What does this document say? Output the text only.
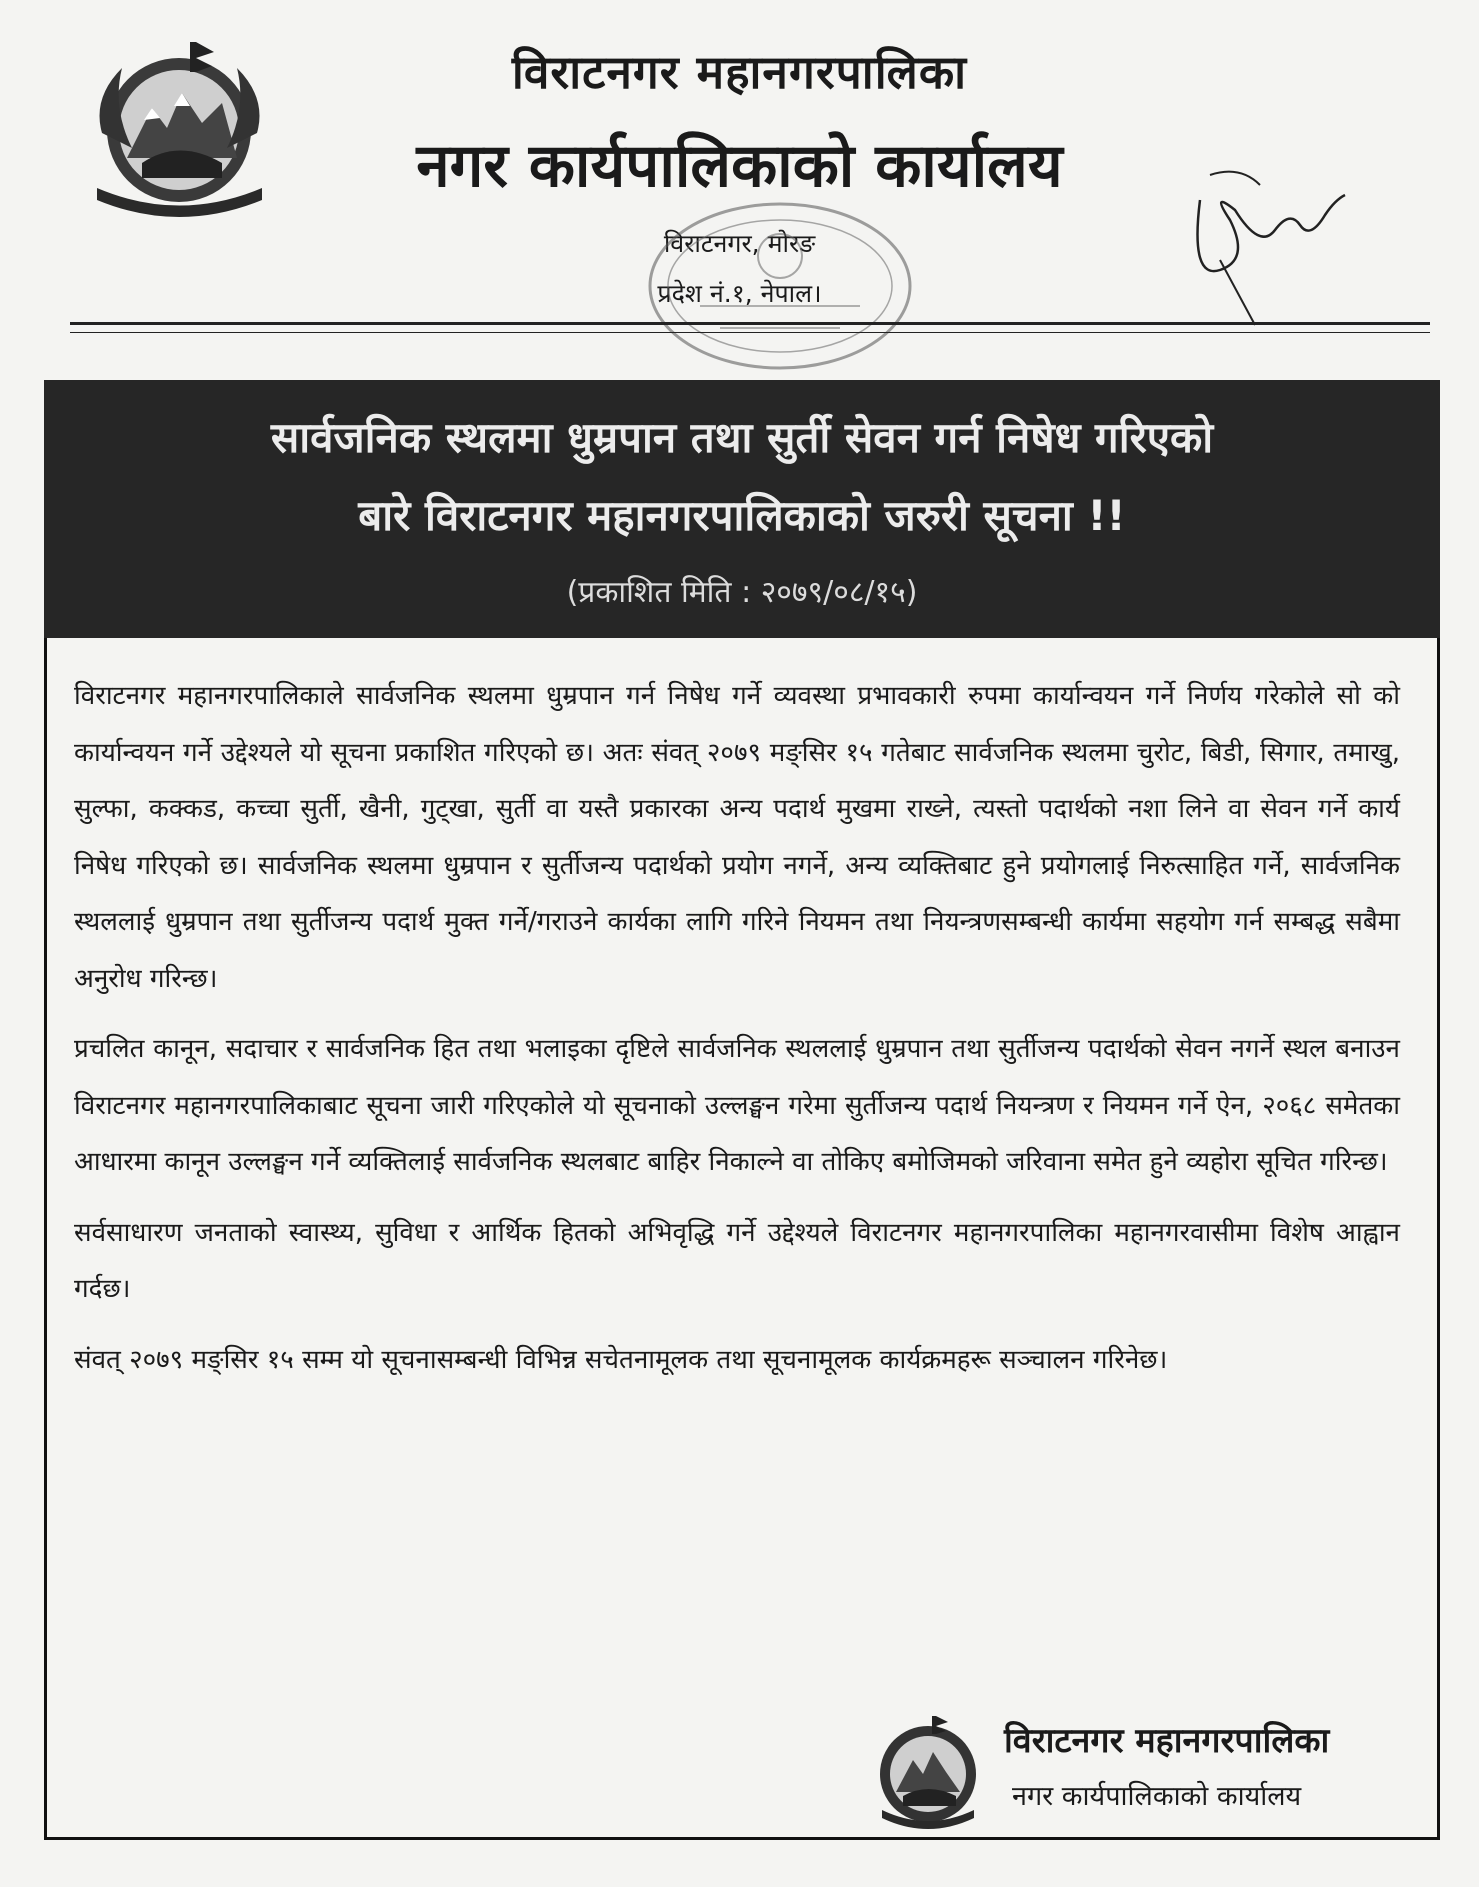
विराटनगर महानगरपालिका
नगर कार्यपालिकाको कार्यालय
विराटनगर, मोरङ
प्रदेश नं.१, नेपाल।
सार्वजनिक स्थलमा धुम्रपान तथा सुर्ती सेवन गर्न निषेध गरिएको
बारे विराटनगर महानगरपालिकाको जरुरी सूचना !!
(प्रकाशित मिति : २०७९/०८/१५)

विराटनगर महानगरपालिकाले सार्वजनिक स्थलमा धुम्रपान गर्न निषेध गर्ने व्यवस्था प्रभावकारी रुपमा कार्यान्वयन गर्ने निर्णय गरेकोले सो को कार्यान्वयन गर्ने उद्देश्यले यो सूचना प्रकाशित गरिएको छ। अतः संवत् २०७९ मङ्सिर १५ गतेबाट सार्वजनिक स्थलमा चुरोट, बिडी, सिगार, तमाखु, सुल्फा, कक्कड, कच्चा सुर्ती, खैनी, गुट्खा, सुर्ती वा यस्तै प्रकारका अन्य पदार्थ मुखमा राख्ने, त्यस्तो पदार्थको नशा लिने वा सेवन गर्ने कार्य निषेध गरिएको छ। सार्वजनिक स्थलमा धुम्रपान र सुर्तीजन्य पदार्थको प्रयोग नगर्ने, अन्य व्यक्तिबाट हुने प्रयोगलाई निरुत्साहित गर्ने, सार्वजनिक स्थललाई धुम्रपान तथा सुर्तीजन्य पदार्थ मुक्त गर्ने/गराउने कार्यका लागि गरिने नियमन तथा नियन्त्रणसम्बन्धी कार्यमा सहयोग गर्न सम्बद्ध सबैमा अनुरोध गरिन्छ।

प्रचलित कानून, सदाचार र सार्वजनिक हित तथा भलाइका दृष्टिले सार्वजनिक स्थललाई धुम्रपान तथा सुर्तीजन्य पदार्थको सेवन नगर्ने स्थल बनाउन विराटनगर महानगरपालिकाबाट सूचना जारी गरिएकोले यो सूचनाको उल्लङ्घन गरेमा सुर्तीजन्य पदार्थ नियन्त्रण र नियमन गर्ने ऐन, २०६८ समेतका आधारमा कानून उल्लङ्घन गर्ने व्यक्तिलाई सार्वजनिक स्थलबाट बाहिर निकाल्ने वा तोकिए बमोजिमको जरिवाना समेत हुने व्यहोरा सूचित गरिन्छ।

सर्वसाधारण जनताको स्वास्थ्य, सुविधा र आर्थिक हितको अभिवृद्धि गर्ने उद्देश्यले विराटनगर महानगरपालिका महानगरवासीमा विशेष आह्वान गर्दछ।

संवत् २०७९ मङ्सिर १५ सम्म यो सूचनासम्बन्धी विभिन्न सचेतनामूलक तथा सूचनामूलक कार्यक्रमहरू सञ्चालन गरिनेछ।

विराटनगर महानगरपालिका
नगर कार्यपालिकाको कार्यालय
